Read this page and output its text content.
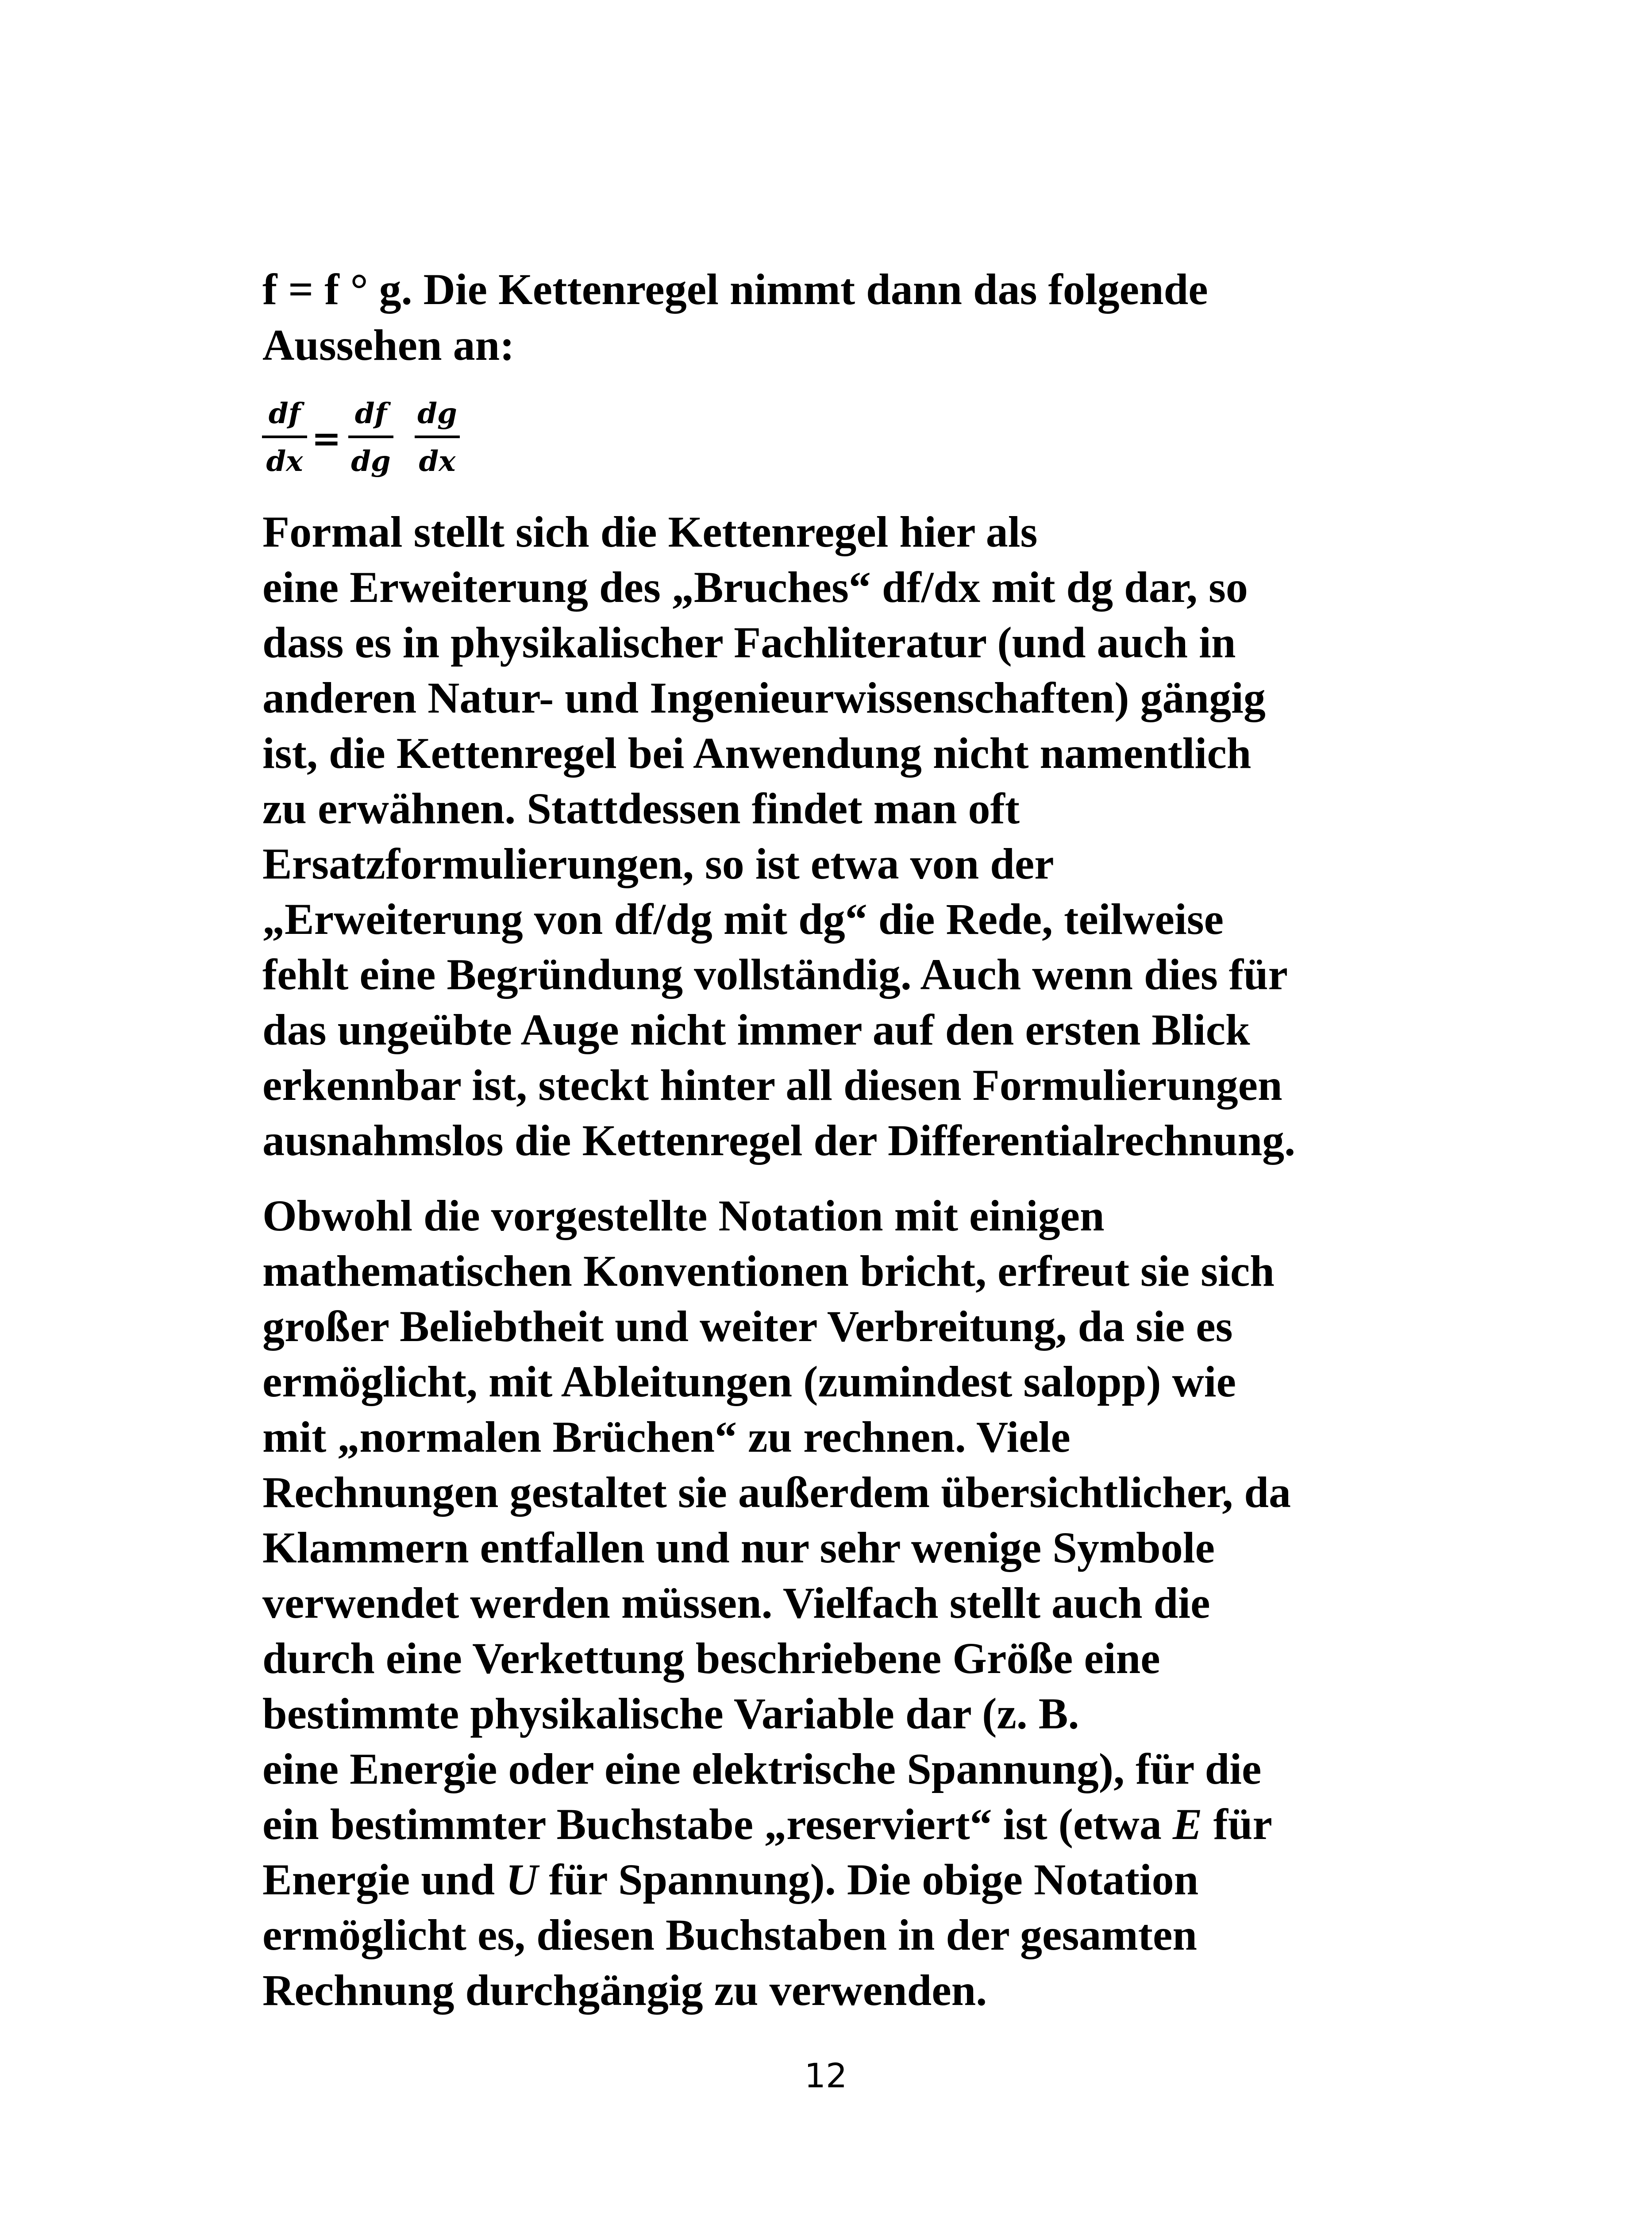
f = f ° g. Die Kettenregel nimmt dann das folgende
Aussehen an:
df
dx
=
df
dg
dg
dx
Formal stellt sich die Kettenregel hier als
eine Erweiterung des „Bruches“ df/dx mit dg dar, so
dass es in physikalischer Fachliteratur (und auch in
anderen Natur- und Ingenieurwissenschaften) gängig
ist, die Kettenregel bei Anwendung nicht namentlich
zu erwähnen. Stattdessen findet man oft
Ersatzformulierungen, so ist etwa von der
„Erweiterung von df/dg mit dg“ die Rede, teilweise
fehlt eine Begründung vollständig. Auch wenn dies für
das ungeübte Auge nicht immer auf den ersten Blick
erkennbar ist, steckt hinter all diesen Formulierungen
ausnahmslos die Kettenregel der Differentialrechnung.
Obwohl die vorgestellte Notation mit einigen
mathematischen Konventionen bricht, erfreut sie sich
großer Beliebtheit und weiter Verbreitung, da sie es
ermöglicht, mit Ableitungen (zumindest salopp) wie
mit „normalen Brüchen“ zu rechnen. Viele
Rechnungen gestaltet sie außerdem übersichtlicher, da
Klammern entfallen und nur sehr wenige Symbole
verwendet werden müssen. Vielfach stellt auch die
durch eine Verkettung beschriebene Größe eine
bestimmte physikalische Variable dar (z. B.
eine Energie oder eine elektrische Spannung), für die
ein bestimmter Buchstabe „reserviert“ ist (etwa E für
Energie und U für Spannung). Die obige Notation
ermöglicht es, diesen Buchstaben in der gesamten
Rechnung durchgängig zu verwenden.
12
